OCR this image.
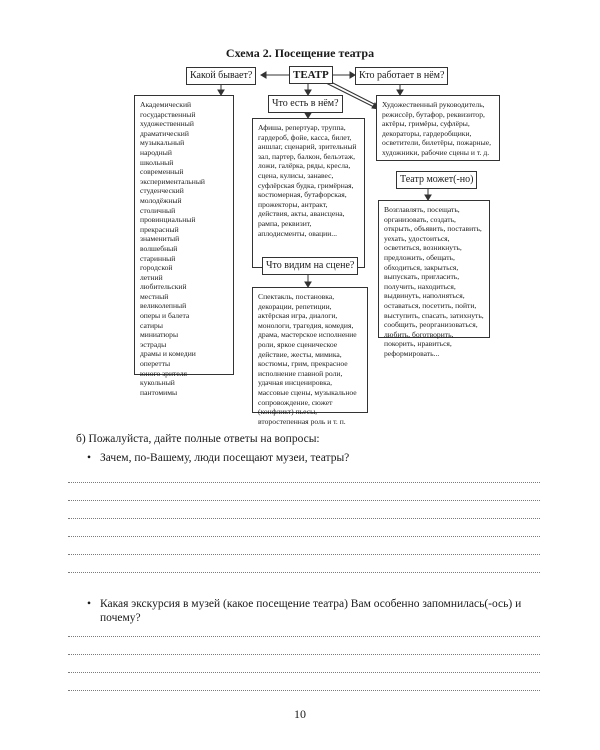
Схема 2. Посещение театра
Какой бывает?	ТЕАТР	Кто работает в нём?
Академический
государственный
художественный
драматический
музыкальный
народный
школьный
современный
экспериментальный
студенческий
молодёжный
столичный
провинциальный
прекрасный
знаменитый
волшебный
старинный
городской
летний
любительский
местный
великолепный
оперы и балета
сатиры
миниатюры
эстрады
драмы и комедии
оперетты
юного зрителя
кукольный
пантомимы
Что есть в нём?
Афиша, репертуар, труппа, гардероб, фойе, касса, билет, аншлаг, сценарий, зрительный зал, партер, балкон, бельэтаж, ложи, галёрка, ряды, кресла, сцена, кулисы, занавес, суфлёрская будка, гримёрная, костюмерная, бутафорская, прожекторы, антракт, действия, акты, авансцена, рампа, реквизит, аплодисменты, овации...
Художественный руководитель, режиссёр, бутафор, реквизитор, актёры, гримёры, суфлёры, декораторы, гардеробщики, осветители, билетёры, пожарные, художники, рабочие сцены и т. д.
Театр может(-но)
Возглавлять, посещать, организовать, создать, открыть, объявить, поставить, уехать, удостоиться, осветиться, возникнуть, предложить, обещать, обходиться, закрыться, выпускать, пригласить, получить, находиться, выдвинуть, наполняться, оставаться, посетить, пойти, выступить, спасать, затихнуть, сообщить, реорганизоваться, любить, боготворить, покорить, нравиться, реформировать...
Что видим на сцене?
Спектакль, постановка, декорации, репетиции, актёрская игра, диалоги, монологи, трагедия, комедия, драма, мастерское исполнение роли, яркое сценическое действие, жесты, мимика, костюмы, грим, прекрасное исполнение главной роли, удачная инсценировка, массовые сцены, музыкальное сопровождение, сюжет (конфликт) пьесы, второстепенная роль и т. п.
б) Пожалуйста, дайте полные ответы на вопросы:
• Зачем, по-Вашему, люди посещают музеи, театры?
• Какая экскурсия в музей (какое посещение театра) Вам особенно запомнилась(-ось) и
почему?
10
